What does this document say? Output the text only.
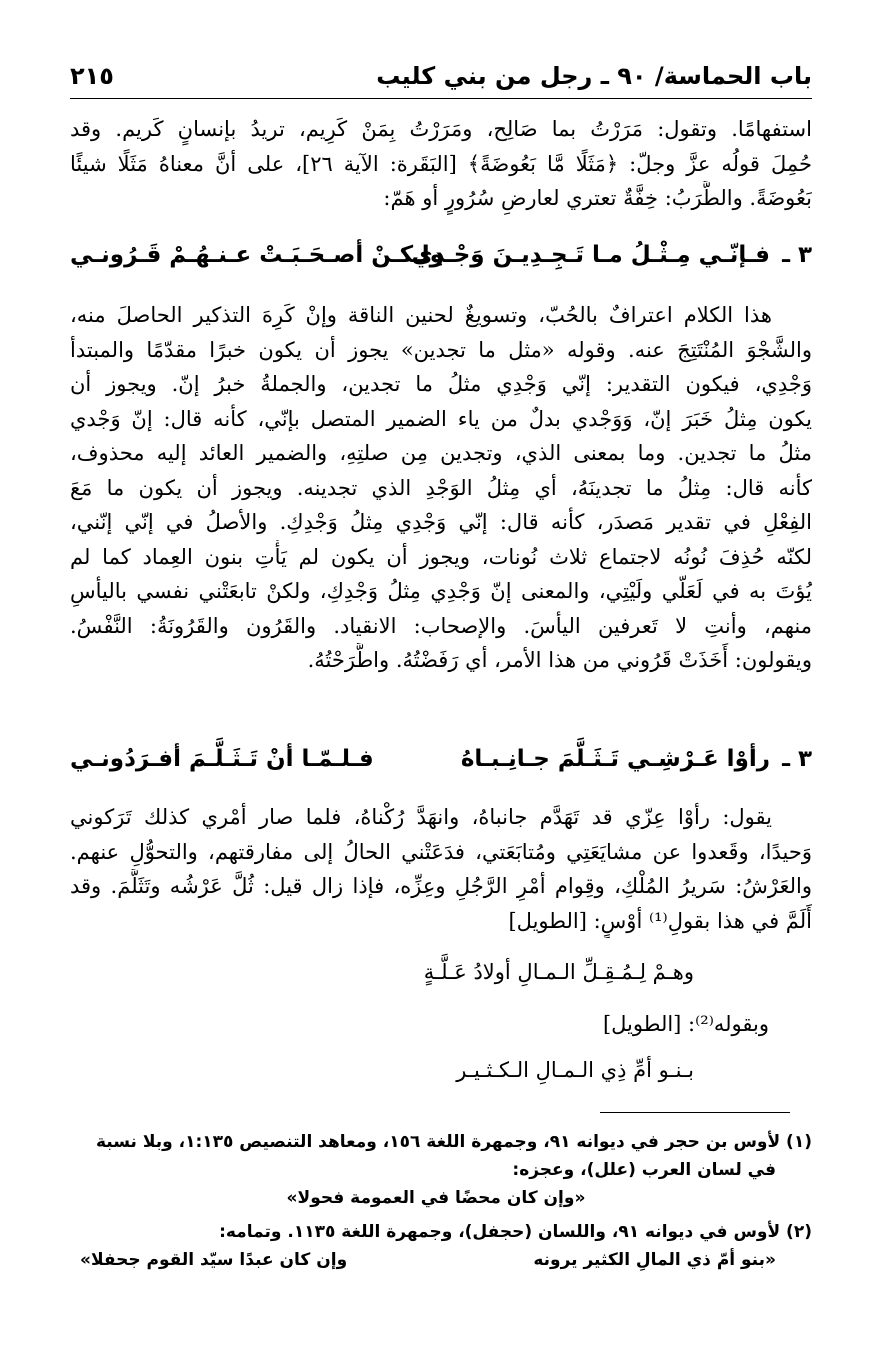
باب الحماسة/ ٩٠ ـ رجل من بني كليب
٢١٥
استفهامًا. وتقول: مَرَرْتُ بما صَالِح، ومَرَرْتُ بِمَنْ كَرِيم، تريدُ بإنسانٍ كَريم. وقد
حُمِلَ قولُه عزَّ وجلّ: ﴿مَثَلًا مَّا بَعُوضَةً﴾ [البَقَرة: الآية ٢٦]، على أنَّ معناهُ مَثَلًا شيئًا
بَعُوضَةً. والطَّرَبُ: خِفَّةٌ تعتري لعارضِ سُرُورٍ أو هَمّ:
٣ ـ
فـإنّـي مِـثْـلُ مـا تَـجِـدِيـنَ وَجْـدِي
ولـكـنْ أصـحَـبَـتْ عـنـهُـمْ قَـرُونـي
هذا الكلام اعترافٌ بالحُبّ، وتسويغٌ لحنين الناقة وإنْ كَرِهَ التذكير الحاصلَ منه،
والشَّجْوَ المُنْتَتِجَ عنه. وقوله «مثل ما تجدين» يجوز أن يكون خبرًا مقدّمًا والمبتدأ
وَجْدِي، فيكون التقدير: إنّي وَجْدِي مثلُ ما تجدين، والجملةُ خبرُ إنّ. ويجوز أن
يكون مِثلُ خَبَرَ إنّ، وَوَجْدي بدلٌ من ياء الضمير المتصل بإنّي، كأنه قال: إنّ وَجْدي
مثلُ ما تجدين. وما بمعنى الذي، وتجدين مِن صلتِهِ، والضمير العائد إليه محذوف،
كأنه قال: مِثلُ ما تجدينَهُ، أي مِثلُ الوَجْدِ الذي تجدينه. ويجوز أن يكون ما مَعَ
الفِعْلِ في تقدير مَصدَر، كأنه قال: إنّي وَجْدِي مِثلُ وَجْدِكِ. والأصلُ في إنّي إنّني،
لكنّه حُذِفَ نُونُه لاجتماع ثلاث نُونات، ويجوز أن يكون لم يَأْتِ بنون العِماد كما لم
يُؤتَ به في لَعَلّي ولَيْتِي، والمعنى إنّ وَجْدِي مِثلُ وَجْدِكِ، ولكنْ تابعَتْني نفسي باليأسِ
منهم، وأنتِ لا تَعرفين اليأسَ. والإصحاب: الانقياد. والقَرُون والقَرُونَةُ: النَّفْسُ.
ويقولون: أَخَذَتْ قَرُوني من هذا الأمر، أي رَفَضْتُهُ. واطَّرَحْتُهُ.
٣ ـ
رأوْا عَـرْشِـي تَـثَـلَّمَ جـانِـبـاهُ
فـلـمّـا أنْ تَـثَـلَّـمَ أفـرَدُونـي
يقول: رأوْا عِزّي قد تَهَدَّم جانباهُ، وانهَدَّ رُكْناهُ، فلما صار أمْري كذلك تَرَكوني
وَحيدًا، وقَعدوا عن مشايَعَتِي ومُتابَعَتي، فدَعَتْني الحالُ إلى مفارقتهم، والتحوُّلِ عنهم.
والعَرْشُ: سَريرُ المُلْكِ، وقِوام أمْرِ الرَّجُلِ وعِزِّه، فإذا زال قيل: ثُلَّ عَرْشُه وتَثَلَّمَ. وقد
أَلَمَّ في هذا بقولِ⁽¹⁾ أوْسٍ: [الطويل]
وهـمْ لِـمُـقِـلِّ الـمـالِ أولادُ عَـلَّـةٍ
وبقوله⁽²⁾: [الطويل]
بـنـو أمِّ ذِي الـمـالِ الـكـثـيـر
(١) لأوس بن حجر في ديوانه ٩١، وجمهرة اللغة ١٥٦، ومعاهد التنصيص ١:١٣٥، وبلا نسبة
في لسان العرب (علل)، وعجزه:
«وإن كان محضًا في العمومة فحولا»
(٢) لأوس في ديوانه ٩١، واللسان (حجفل)، وجمهرة اللغة ١١٣٥. وتمامه:
«بنو أمّ ذي المالِ الكثير يرونه
وإن كان عبدًا سيّد القوم جحفلا»
